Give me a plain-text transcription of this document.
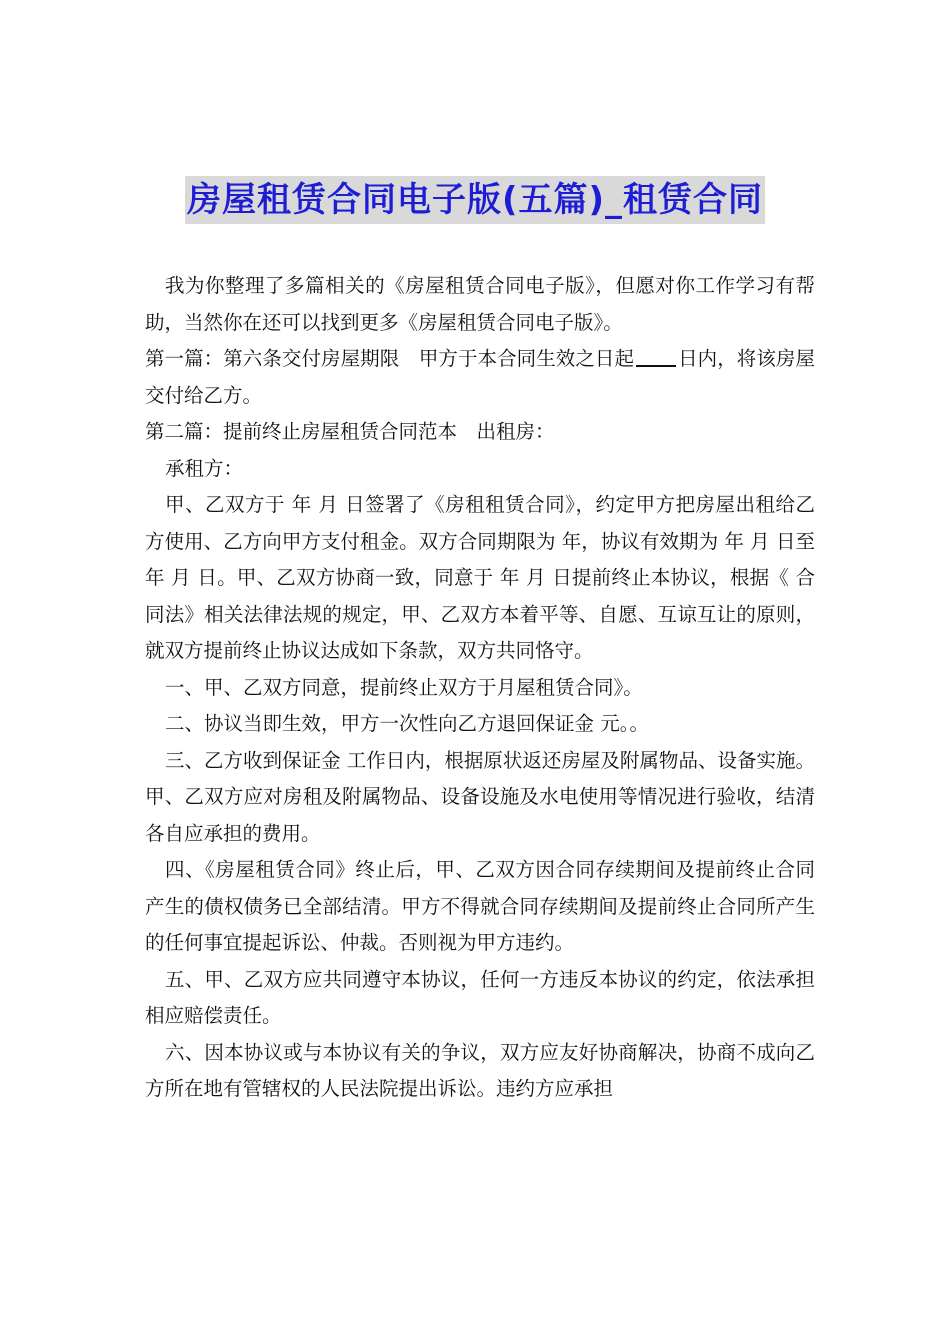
房屋租赁合同电子版(五篇)_租赁合同

我为你整理了多篇相关的《房屋租赁合同电子版》，但愿对你工作学习有帮助，当然你在还可以找到更多《房屋租赁合同电子版》。

第一篇：第六条交付房屋期限　甲方于本合同生效之日起 日内，将该房屋交付给乙方。

第二篇：提前终止房屋租赁合同范本　出租房：

承租方：

甲、乙双方于 年 月 日签署了《房租租赁合同》，约定甲方把房屋出租给乙方使用、乙方向甲方支付租金。双方合同期限为 年，协议有效期为 年 月 日至 年 月 日。甲、乙双方协商一致，同意于 年 月 日提前终止本协议，根据《 合同法》相关法律法规的规定，甲、乙双方本着平等、自愿、互谅互让的原则，就双方提前终止协议达成如下条款，双方共同恪守。

一、甲、乙双方同意，提前终止双方于月屋租赁合同》。

二、协议当即生效，甲方一次性向乙方退回保证金 元。。

三、乙方收到保证金 工作日内，根据原状返还房屋及附属物品、设备实施。甲、乙双方应对房租及附属物品、设备设施及水电使用等情况进行验收，结清各自应承担的费用。

四、《房屋租赁合同》终止后，甲、乙双方因合同存续期间及提前终止合同产生的债权债务已全部结清。甲方不得就合同存续期间及提前终止合同所产生的任何事宜提起诉讼、仲裁。否则视为甲方违约。

五、甲、乙双方应共同遵守本协议，任何一方违反本协议的约定，依法承担相应赔偿责任。

六、因本协议或与本协议有关的争议，双方应友好协商解决，协商不成向乙方所在地有管辖权的人民法院提出诉讼。违约方应承担
